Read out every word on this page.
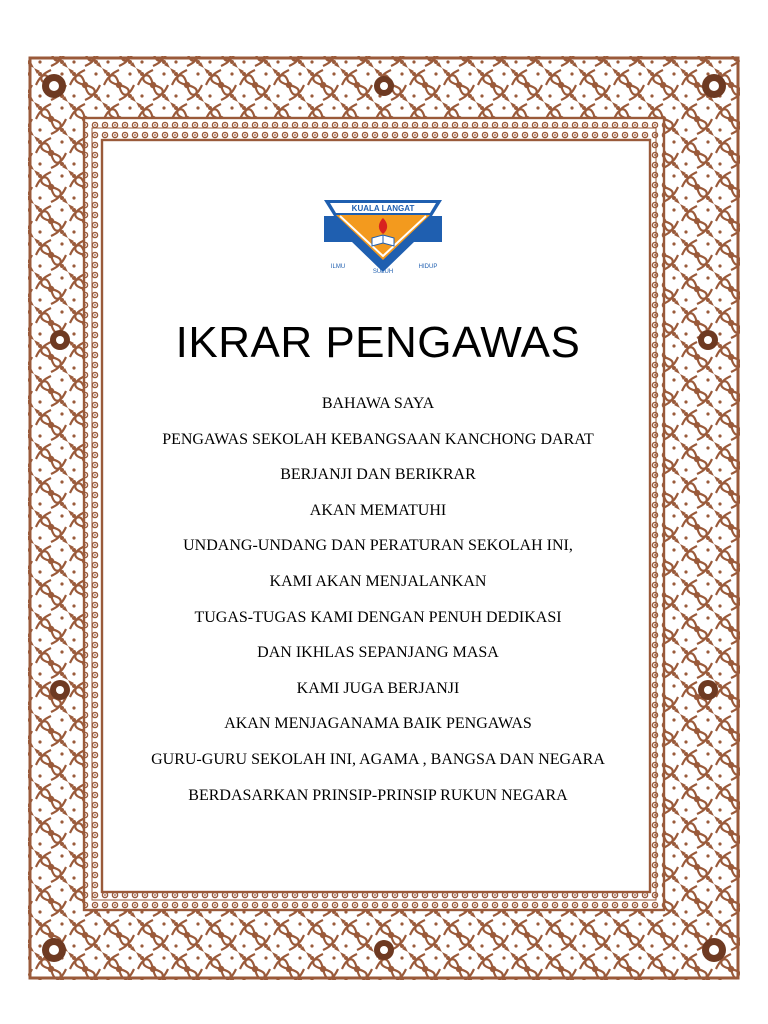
KUALA LANGAT
ILMU
SULUH
HIDUP
IKRAR PENGAWAS
BAHAWA SAYA
PENGAWAS SEKOLAH KEBANGSAAN KANCHONG DARAT
BERJANJI DAN BERIKRAR
AKAN MEMATUHI
UNDANG-UNDANG DAN PERATURAN SEKOLAH INI,
KAMI AKAN MENJALANKAN
TUGAS-TUGAS KAMI DENGAN PENUH DEDIKASI
DAN IKHLAS SEPANJANG MASA
KAMI JUGA BERJANJI
AKAN MENJAGANAMA BAIK PENGAWAS
GURU-GURU SEKOLAH INI, AGAMA , BANGSA DAN NEGARA
BERDASARKAN PRINSIP-PRINSIP RUKUN NEGARA
